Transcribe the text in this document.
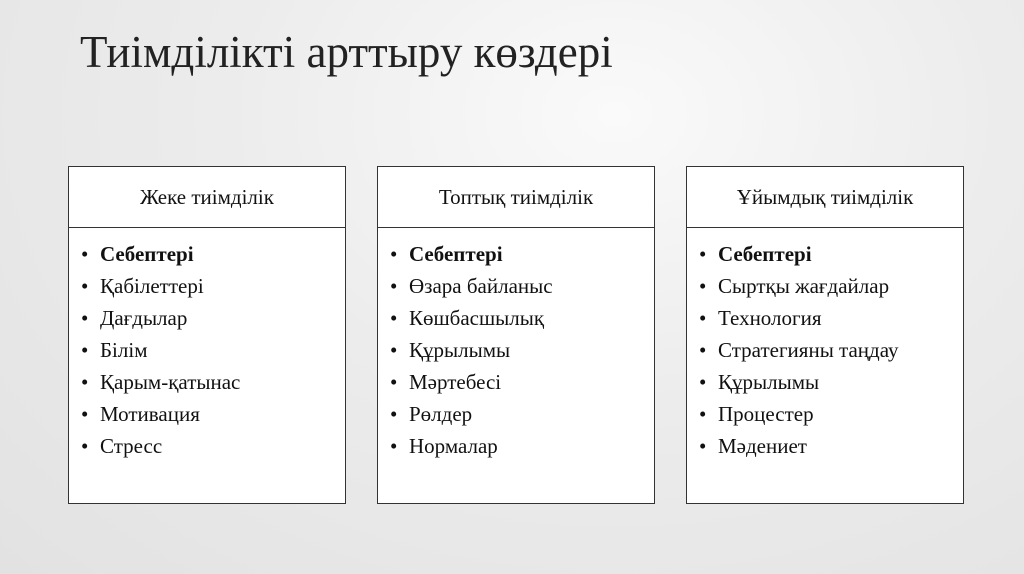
Тиімділікті арттыру көздері
Жеке тиімділік
• Себептері
• Қабілеттері
• Дағдылар
• Білім
• Қарым-қатынас
• Мотивация
• Стресс
Топтық тиімділік
• Себептері
• Өзара байланыс
• Көшбасшылық
• Құрылымы
• Мәртебесі
• Рөлдер
• Нормалар
Ұйымдық тиімділік
• Себептері
• Сыртқы жағдайлар
• Технология
• Стратегияны таңдау
• Құрылымы
• Процестер
• Мәдениет
